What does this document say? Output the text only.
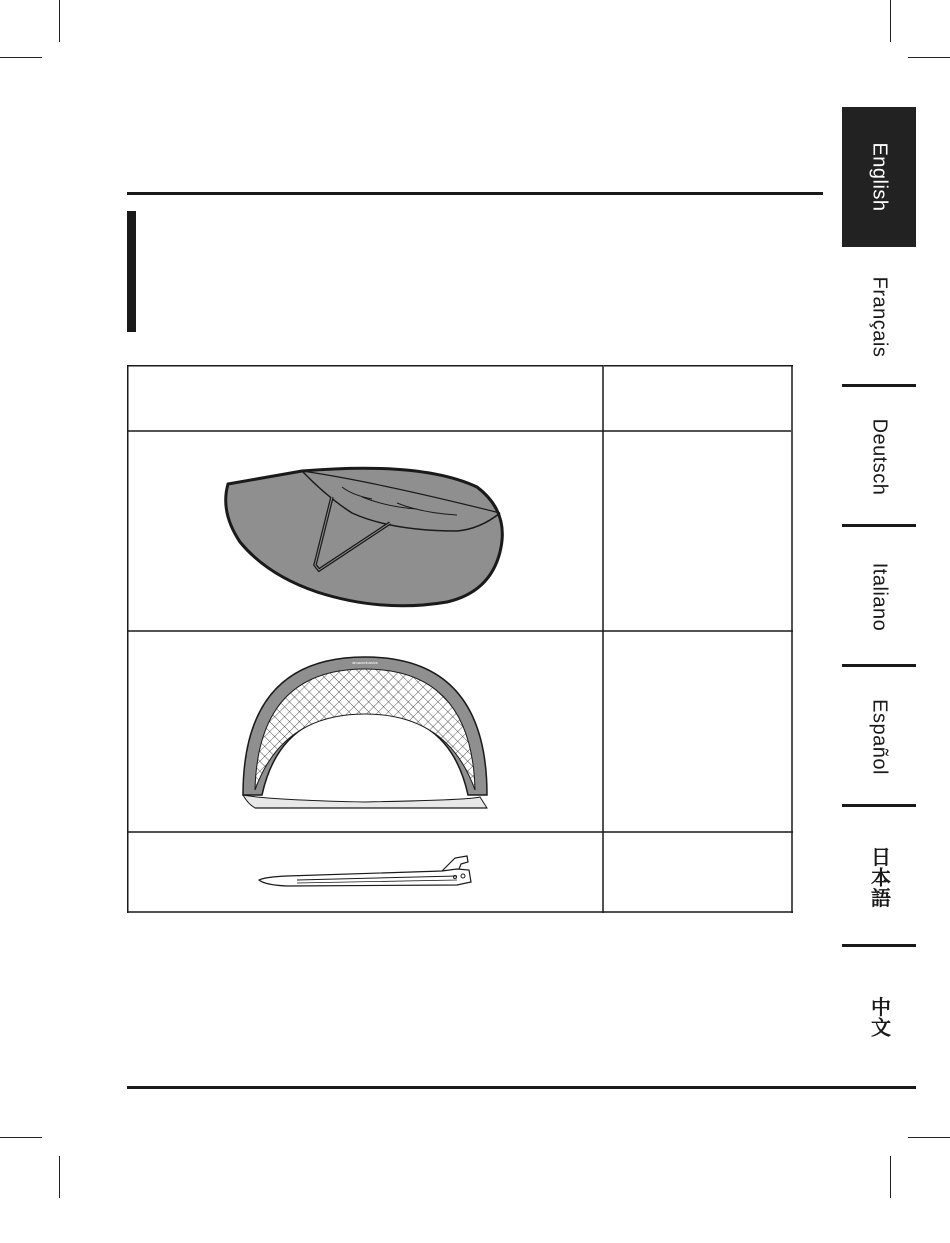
amazonbasics
English
Français
Deutsch
Italiano
Español
日本語
中文
